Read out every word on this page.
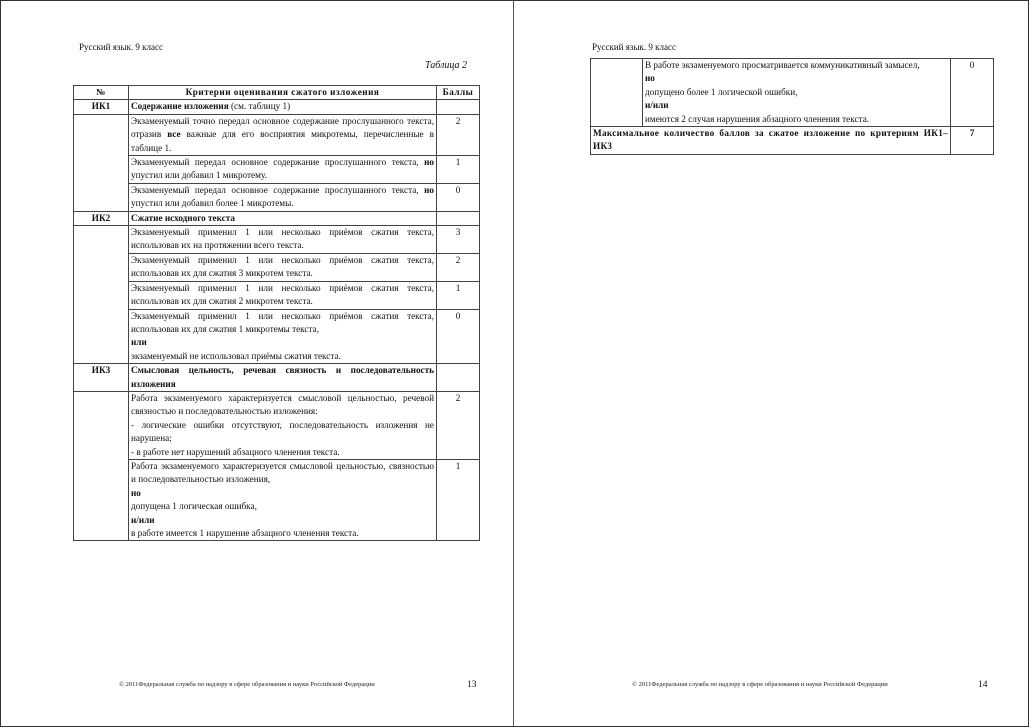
Русский язык. 9 класс
Таблица 2
№	Критерии оценивания сжатого изложения	Баллы
ИК1	Содержание изложения (см. таблицу 1)	
	Экзаменуемый точно передал основное содержание прослушанного текста, отразив все важные для его восприятия микротемы, перечисленные в таблице 1.	2
	Экзаменуемый передал основное содержание прослушанного текста, но упустил или добавил 1 микротему.	1
	Экзаменуемый передал основное содержание прослушанного текста, но упустил или добавил более 1 микротемы.	0
ИК2	Сжатие исходного текста	
	Экзаменуемый применил 1 или несколько приёмов сжатия текста, использовав их на протяжении всего текста.	3
	Экзаменуемый применил 1 или несколько приёмов сжатия текста, использовав их для сжатия 3 микротем текста.	2
	Экзаменуемый применил 1 или несколько приёмов сжатия текста, использовав их для сжатия 2 микротем текста.	1

	Экзаменуемый применил 1 или несколько приёмов сжатия текста, использовав их для сжатия 1 микротемы текста,
или
экзаменуемый не использовал приёмы сжатия текста.	0
ИК3	Смысловая цельность, речевая связность и последовательность изложения	

	Работа экзаменуемого характеризуется смысловой цельностью, речевой связностью и последовательностью изложения:
- логические ошибки отсутствуют, последовательность изложения не нарушена;
- в работе нет нарушений абзацного членения текста.	2

	Работа экзаменуемого характеризуется смысловой цельностью, связностью и последовательностью изложения,
но
допущена 1 логическая ошибка,
и/или
в работе имеется 1 нарушение абзацного членения текста.	1
© 2011Федеральная служба по надзору в сфере образования и науки Российской Федерации	13
Русский язык. 9 класс

	В работе экзаменуемого просматривается коммуникативный замысел,
но
допущено более 1 логической ошибки,
и/или
имеются 2 случая нарушения абзацного членения текста.	0
Максимальное количество баллов за сжатое изложение по критериям ИК1–ИК3		7
© 2011Федеральная служба по надзору в сфере образования и науки Российской Федерации	14
